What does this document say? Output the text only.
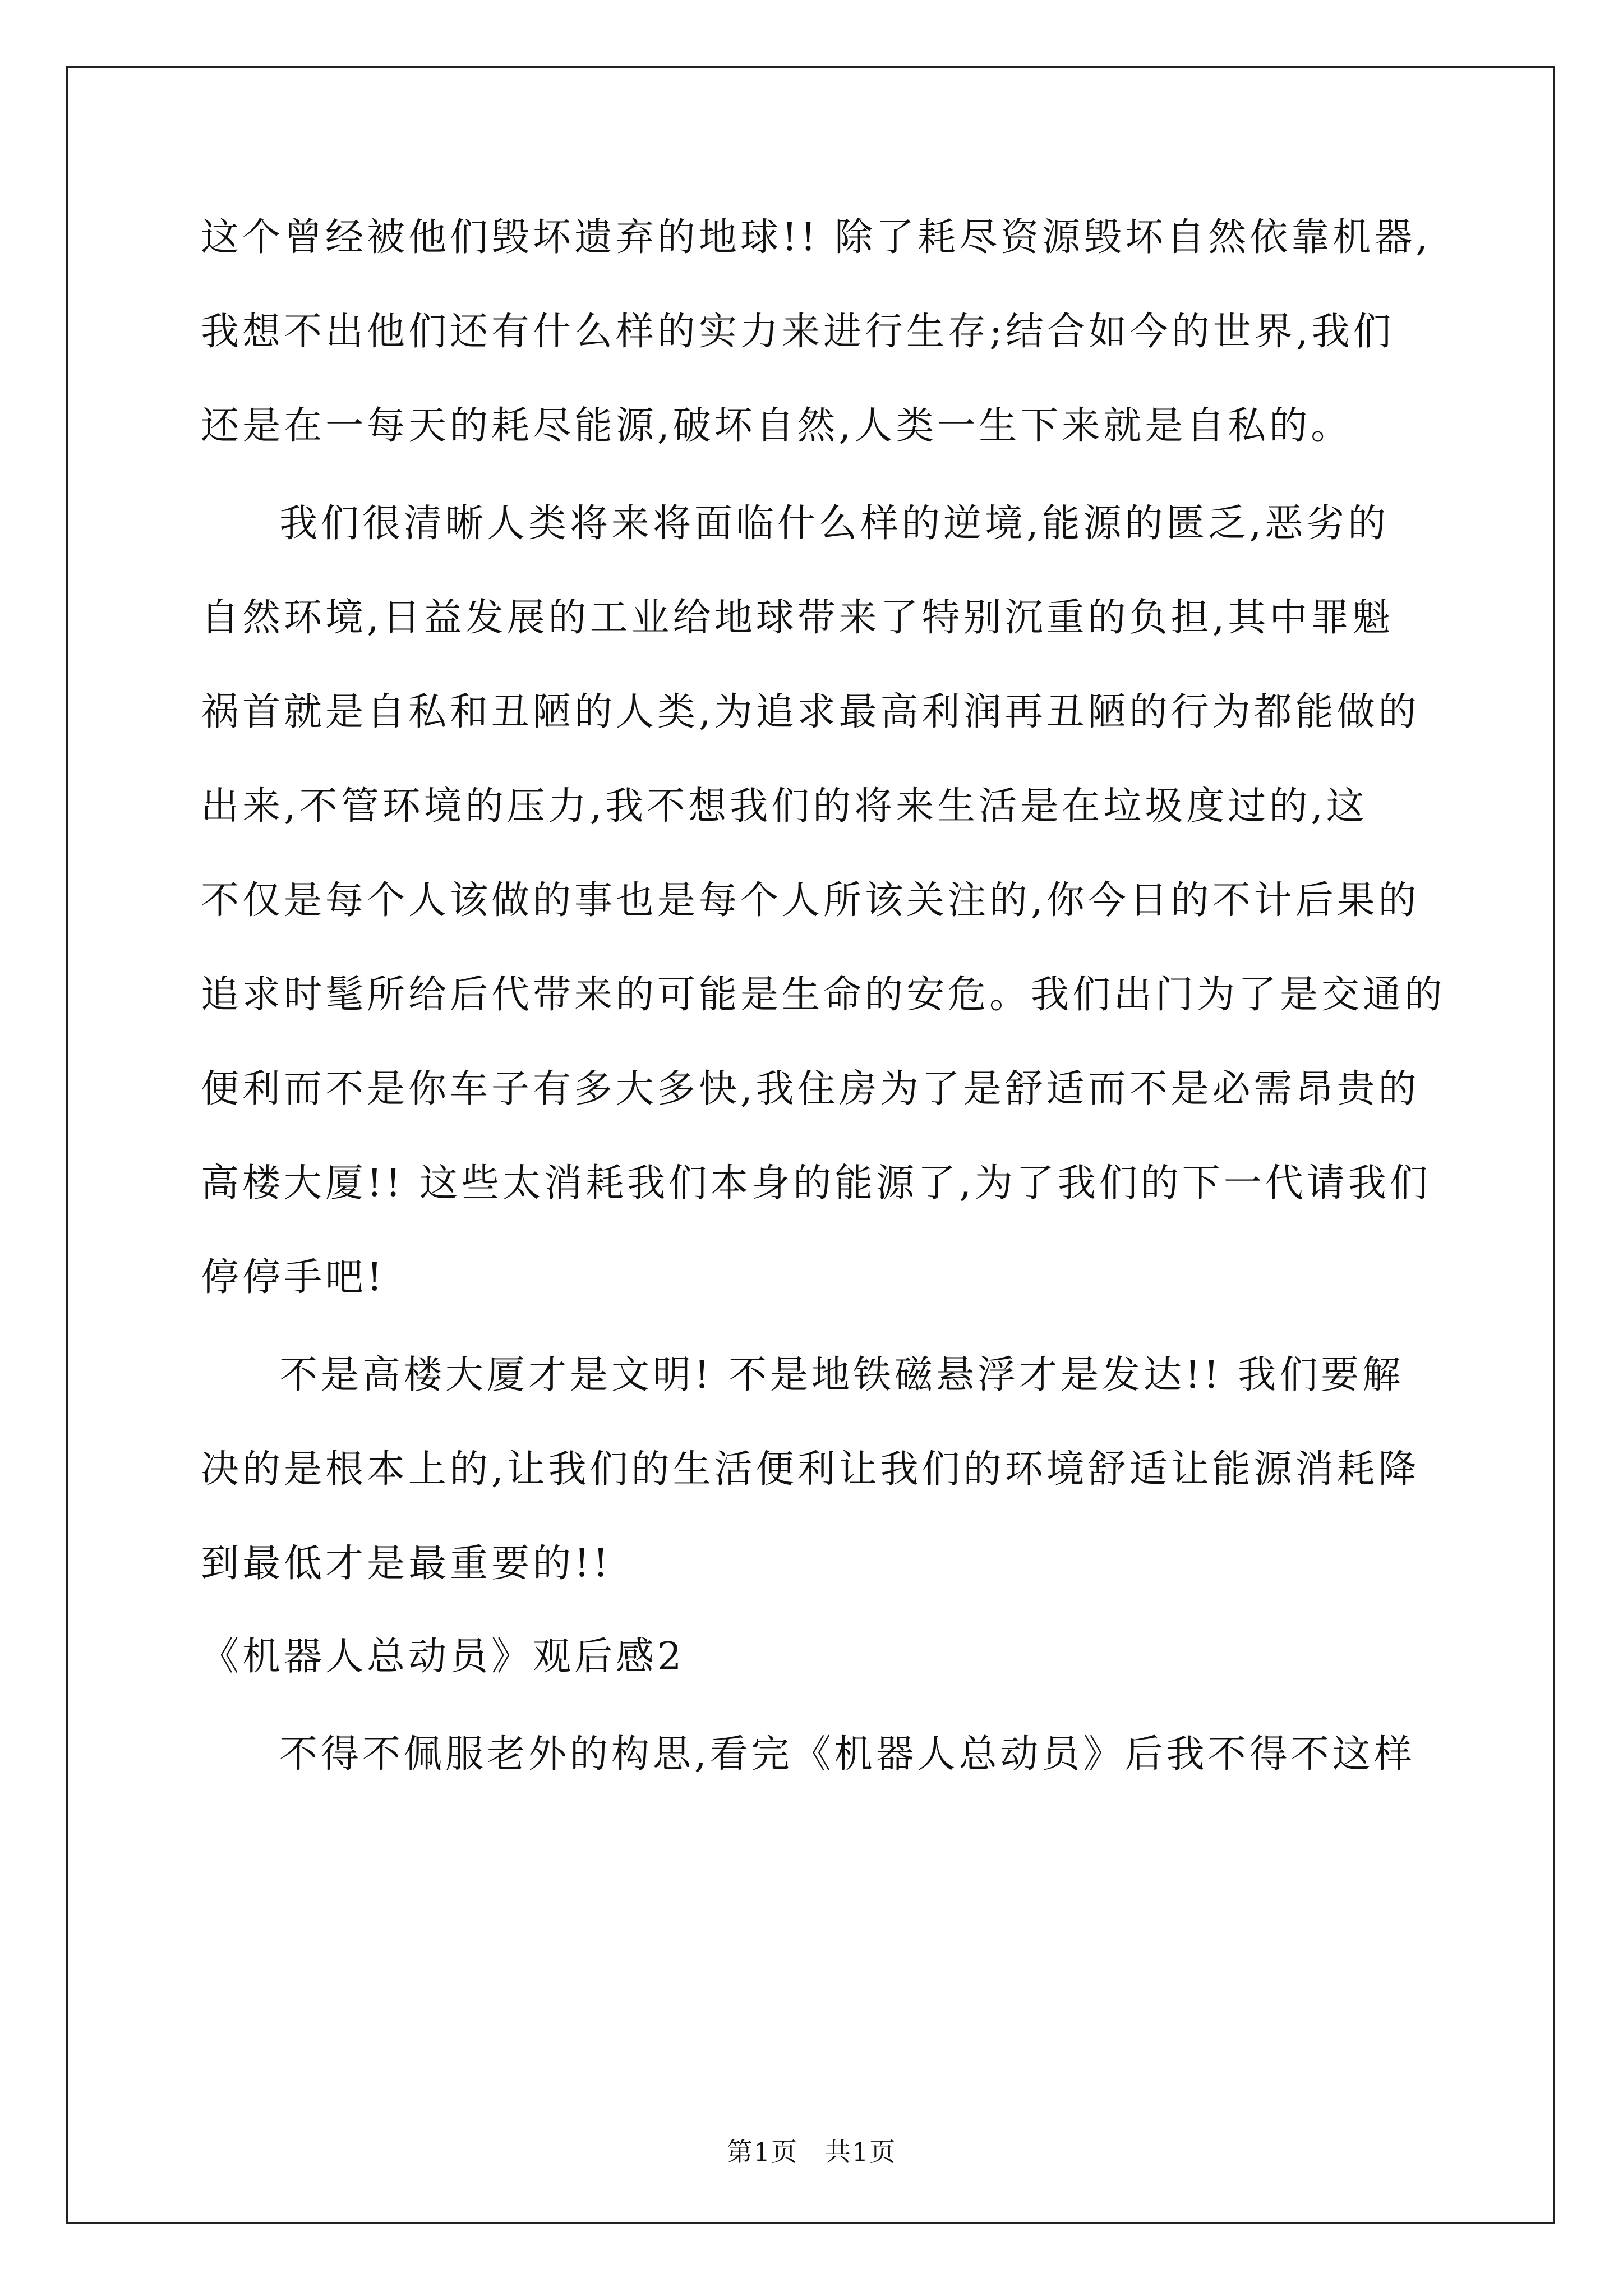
这个曾经被他们毁坏遗弃的地球!! 除了耗尽资源毁坏自然依靠机器,
我想不出他们还有什么样的实力来进行生存;结合如今的世界,我们
还是在一每天的耗尽能源,破坏自然,人类一生下来就是自私的。
我们很清晰人类将来将面临什么样的逆境,能源的匮乏,恶劣的
自然环境,日益发展的工业给地球带来了特别沉重的负担,其中罪魁
祸首就是自私和丑陋的人类,为追求最高利润再丑陋的行为都能做的
出来,不管环境的压力,我不想我们的将来生活是在垃圾度过的,这
不仅是每个人该做的事也是每个人所该关注的,你今日的不计后果的
追求时髦所给后代带来的可能是生命的安危。我们出门为了是交通的
便利而不是你车子有多大多快,我住房为了是舒适而不是必需昂贵的
高楼大厦!! 这些太消耗我们本身的能源了,为了我们的下一代请我们
停停手吧!
不是高楼大厦才是文明! 不是地铁磁悬浮才是发达!! 我们要解
决的是根本上的,让我们的生活便利让我们的环境舒适让能源消耗降
到最低才是最重要的!!
《机器人总动员》观后感2
不得不佩服老外的构思,看完《机器人总动员》后我不得不这样
第1页　共1页
